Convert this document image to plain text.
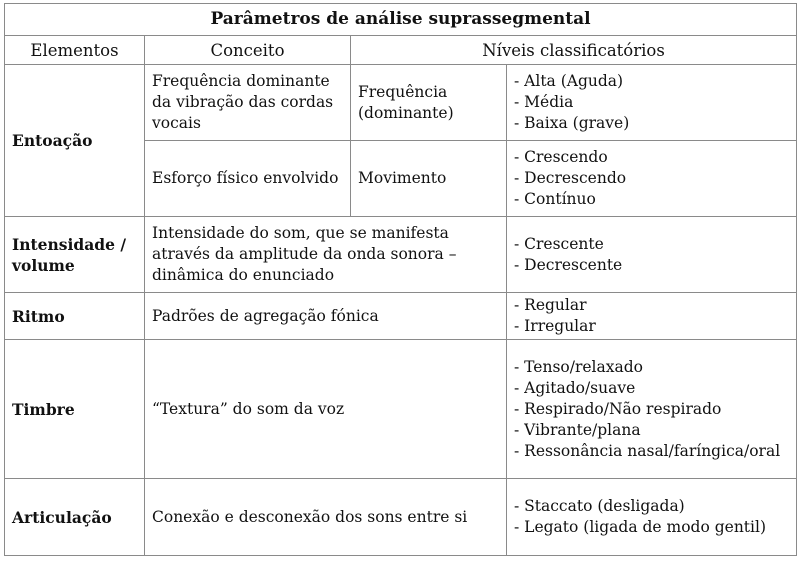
Parâmetros de análise suprassegmental			
Elementos	Conceito	Níveis classificatórios	
Entoação	Frequência dominante da vibração das cordas vocais	Frequência (dominante)	- Alta (Aguda)
- Média
- Baixa (grave)

	Esforço físico envolvido	Movimento	- Crescendo
- Decrescendo
- Contínuo

Intensidade / volume	Intensidade do som, que se manifesta através da amplitude da onda sonora – dinâmica do enunciado		- Crescente
- Decrescente

Ritmo	Padrões de agregação fónica		- Regular
- Irregular

Timbre	“Textura” do som da voz		- Tenso/relaxado
- Agitado/suave
- Respirado/Não respirado
- Vibrante/plana
- Ressonância nasal/faríngica/oral

Articulação	Conexão e desconexão dos sons entre si		- Staccato (desligada)
- Legato (ligada de modo gentil)
